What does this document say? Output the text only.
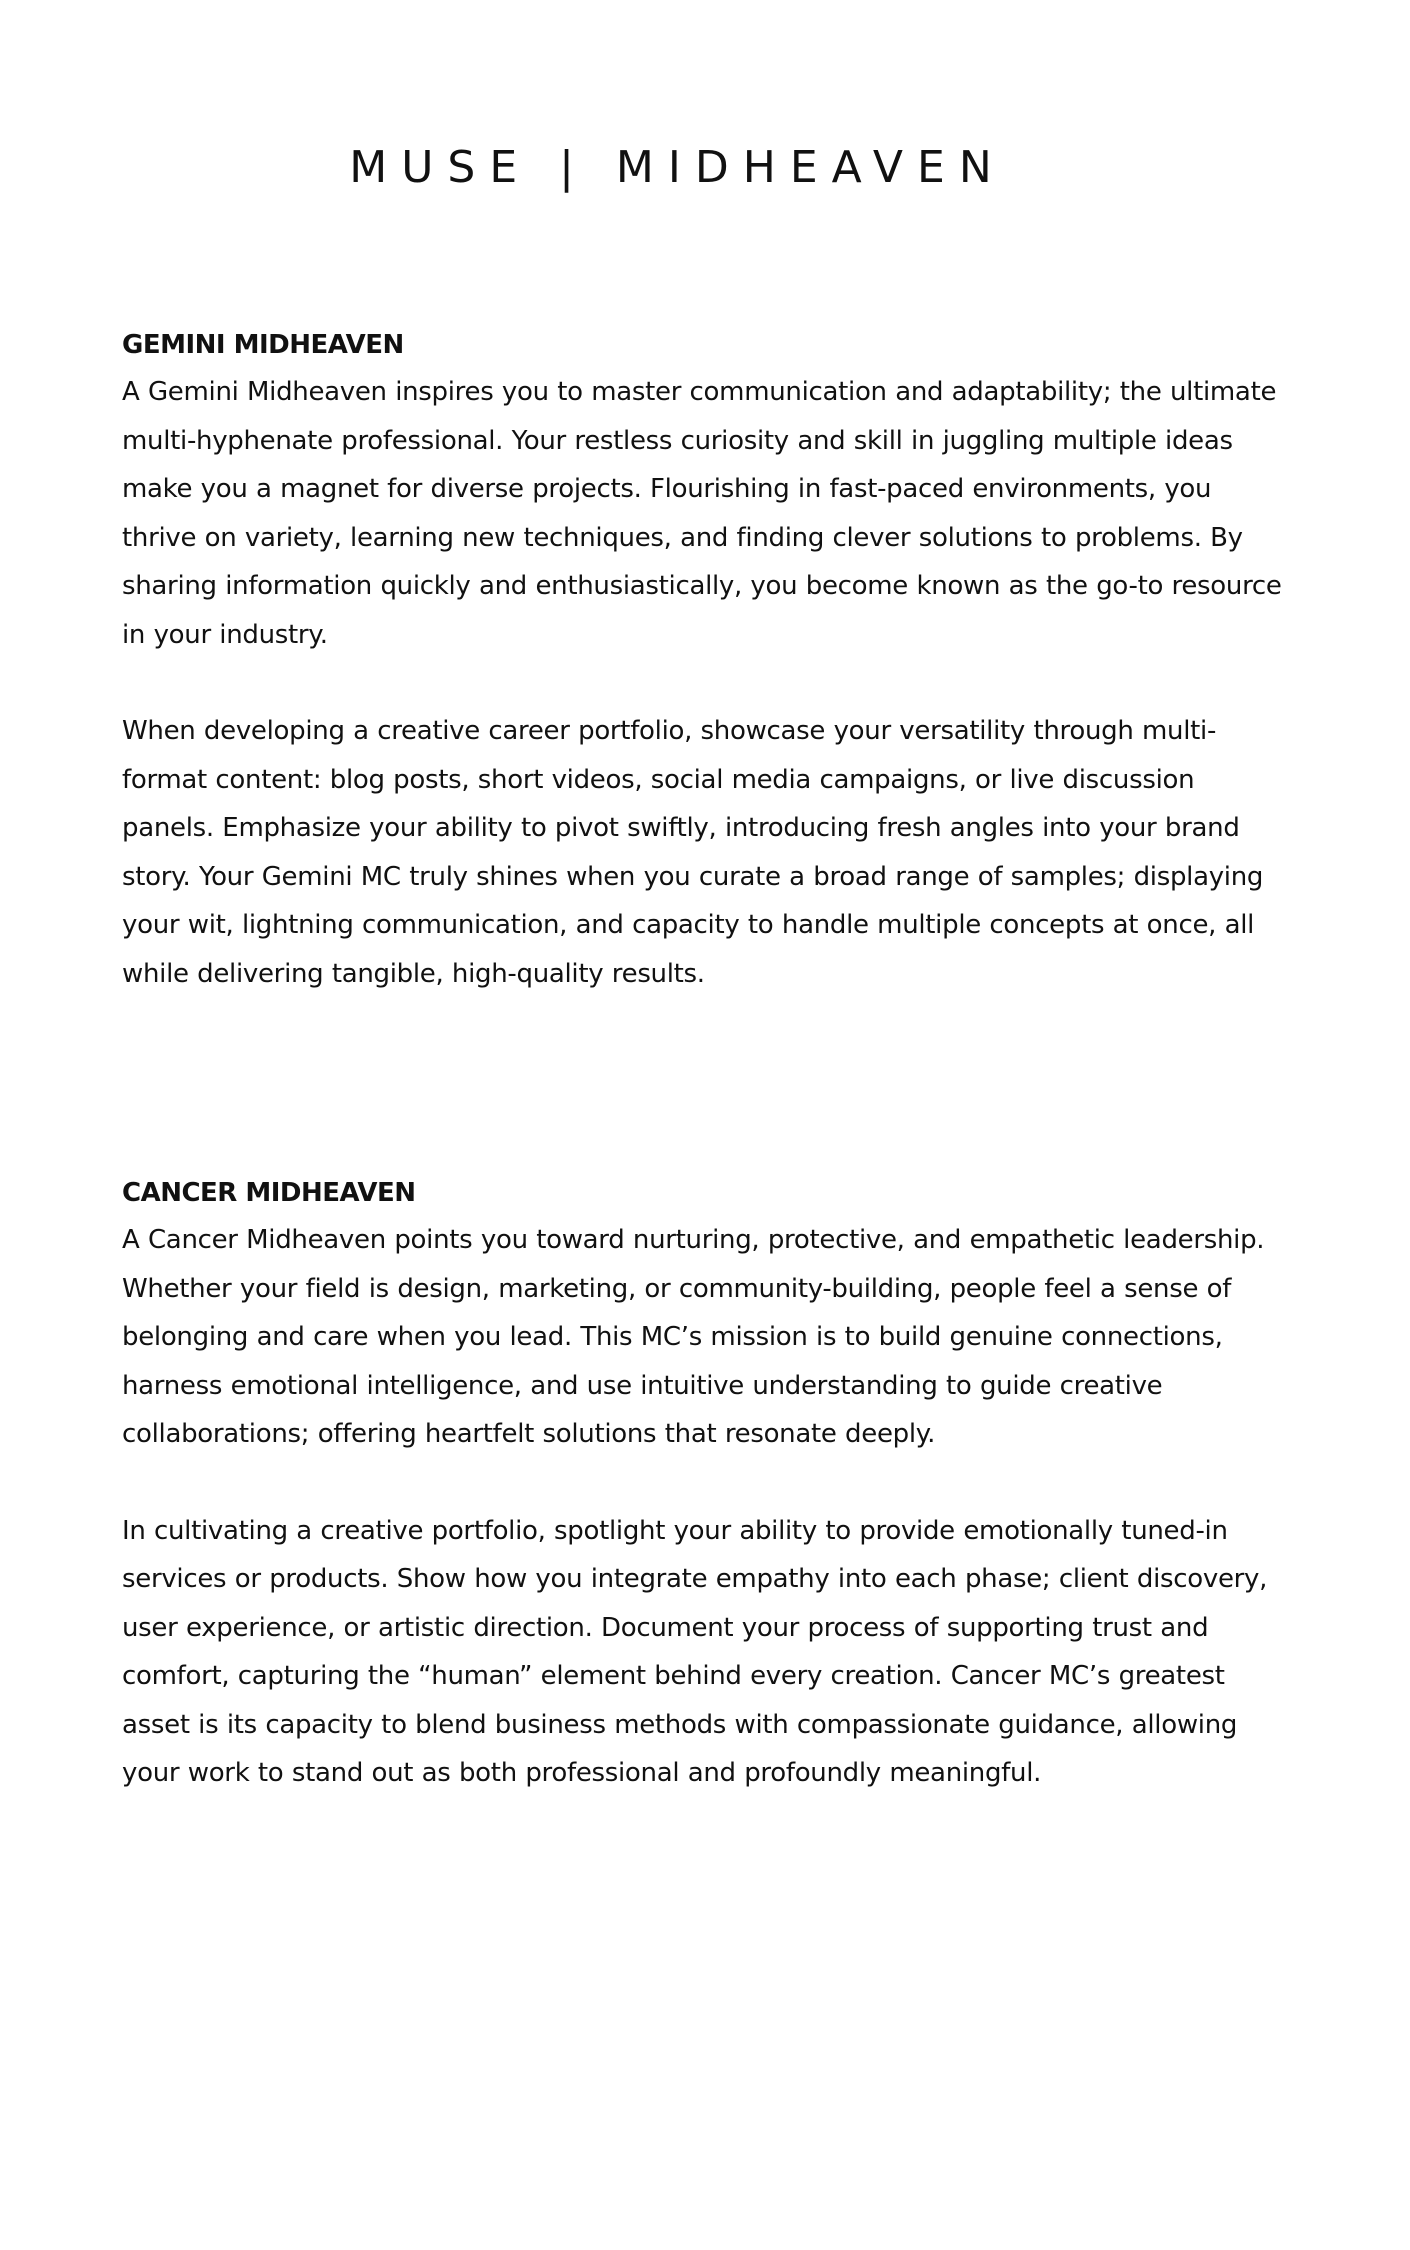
MUSE | MIDHEAVEN
GEMINI MIDHEAVEN

A Gemini Midheaven inspires you to master communication and adaptability; the ultimate multi-hyphenate professional. Your restless curiosity and skill in juggling multiple ideas make you a magnet for diverse projects. Flourishing in fast-paced environments, you thrive on variety, learning new techniques, and finding clever solutions to problems. By sharing information quickly and enthusiastically, you become known as the go-to resource in your industry.

When developing a creative career portfolio, showcase your versatility through multi-format content: blog posts, short videos, social media campaigns, or live discussion panels. Emphasize your ability to pivot swiftly, introducing fresh angles into your brand story. Your Gemini MC truly shines when you curate a broad range of samples; displaying your wit, lightning communication, and capacity to handle multiple concepts at once, all while delivering tangible, high-quality results.

CANCER MIDHEAVEN

A Cancer Midheaven points you toward nurturing, protective, and empathetic leadership. Whether your field is design, marketing, or community-building, people feel a sense of belonging and care when you lead. This MC’s mission is to build genuine connections, harness emotional intelligence, and use intuitive understanding to guide creative collaborations; offering heartfelt solutions that resonate deeply.

In cultivating a creative portfolio, spotlight your ability to provide emotionally tuned-in services or products. Show how you integrate empathy into each phase; client discovery, user experience, or artistic direction. Document your process of supporting trust and comfort, capturing the “human” element behind every creation. Cancer MC’s greatest asset is its capacity to blend business methods with compassionate guidance, allowing your work to stand out as both professional and profoundly meaningful.
